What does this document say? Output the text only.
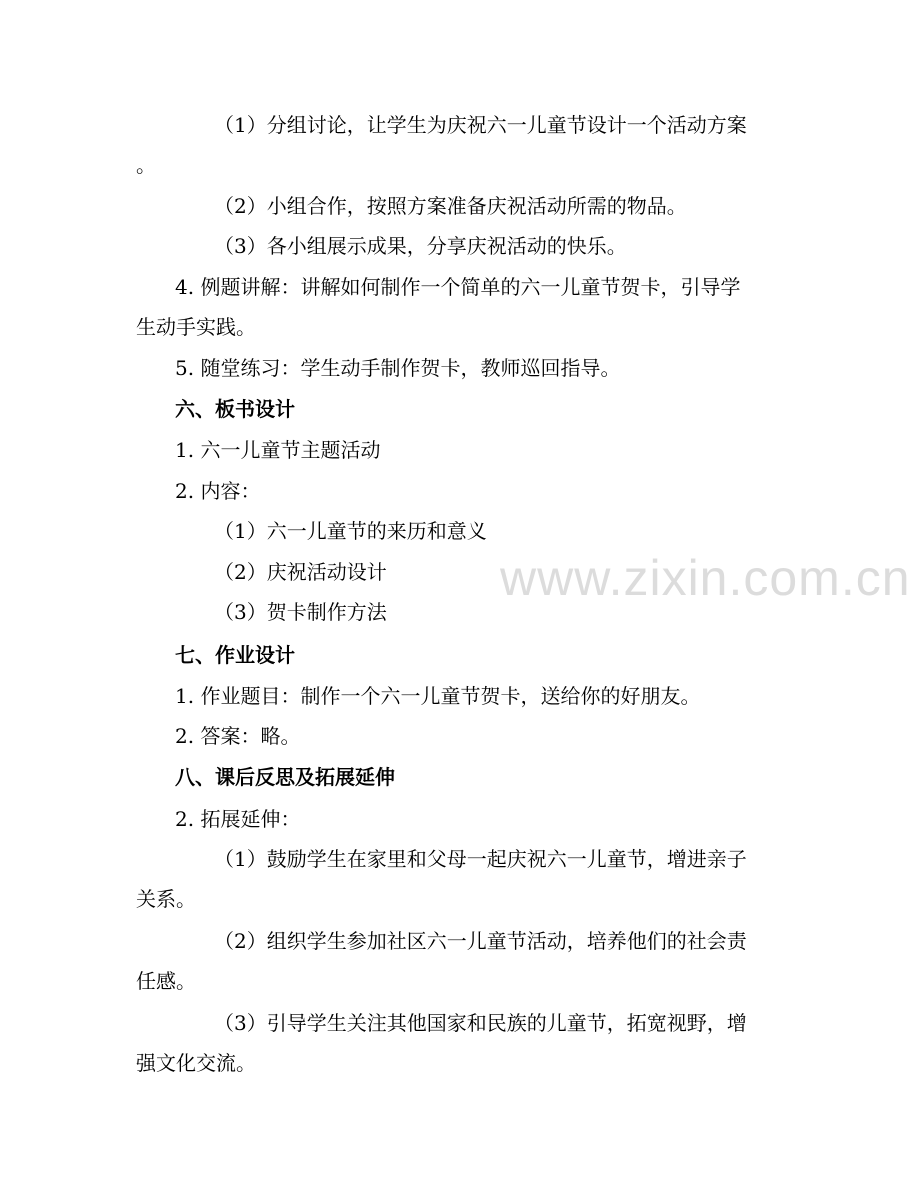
www.zixin.com.cn
（1）分组讨论，让学生为庆祝六一儿童节设计一个活动方案
。
（2）小组合作，按照方案准备庆祝活动所需的物品。
（3）各小组展示成果，分享庆祝活动的快乐。
4. 例题讲解：讲解如何制作一个简单的六一儿童节贺卡，引导学
生动手实践。
5. 随堂练习：学生动手制作贺卡，教师巡回指导。
六、板书设计
1. 六一儿童节主题活动
2. 内容：
（1）六一儿童节的来历和意义
（2）庆祝活动设计
（3）贺卡制作方法
七、作业设计
1. 作业题目：制作一个六一儿童节贺卡，送给你的好朋友。
2. 答案：略。
八、课后反思及拓展延伸
2. 拓展延伸：
（1）鼓励学生在家里和父母一起庆祝六一儿童节，增进亲子
关系。
（2）组织学生参加社区六一儿童节活动，培养他们的社会责
任感。
（3）引导学生关注其他国家和民族的儿童节，拓宽视野，增
强文化交流。
